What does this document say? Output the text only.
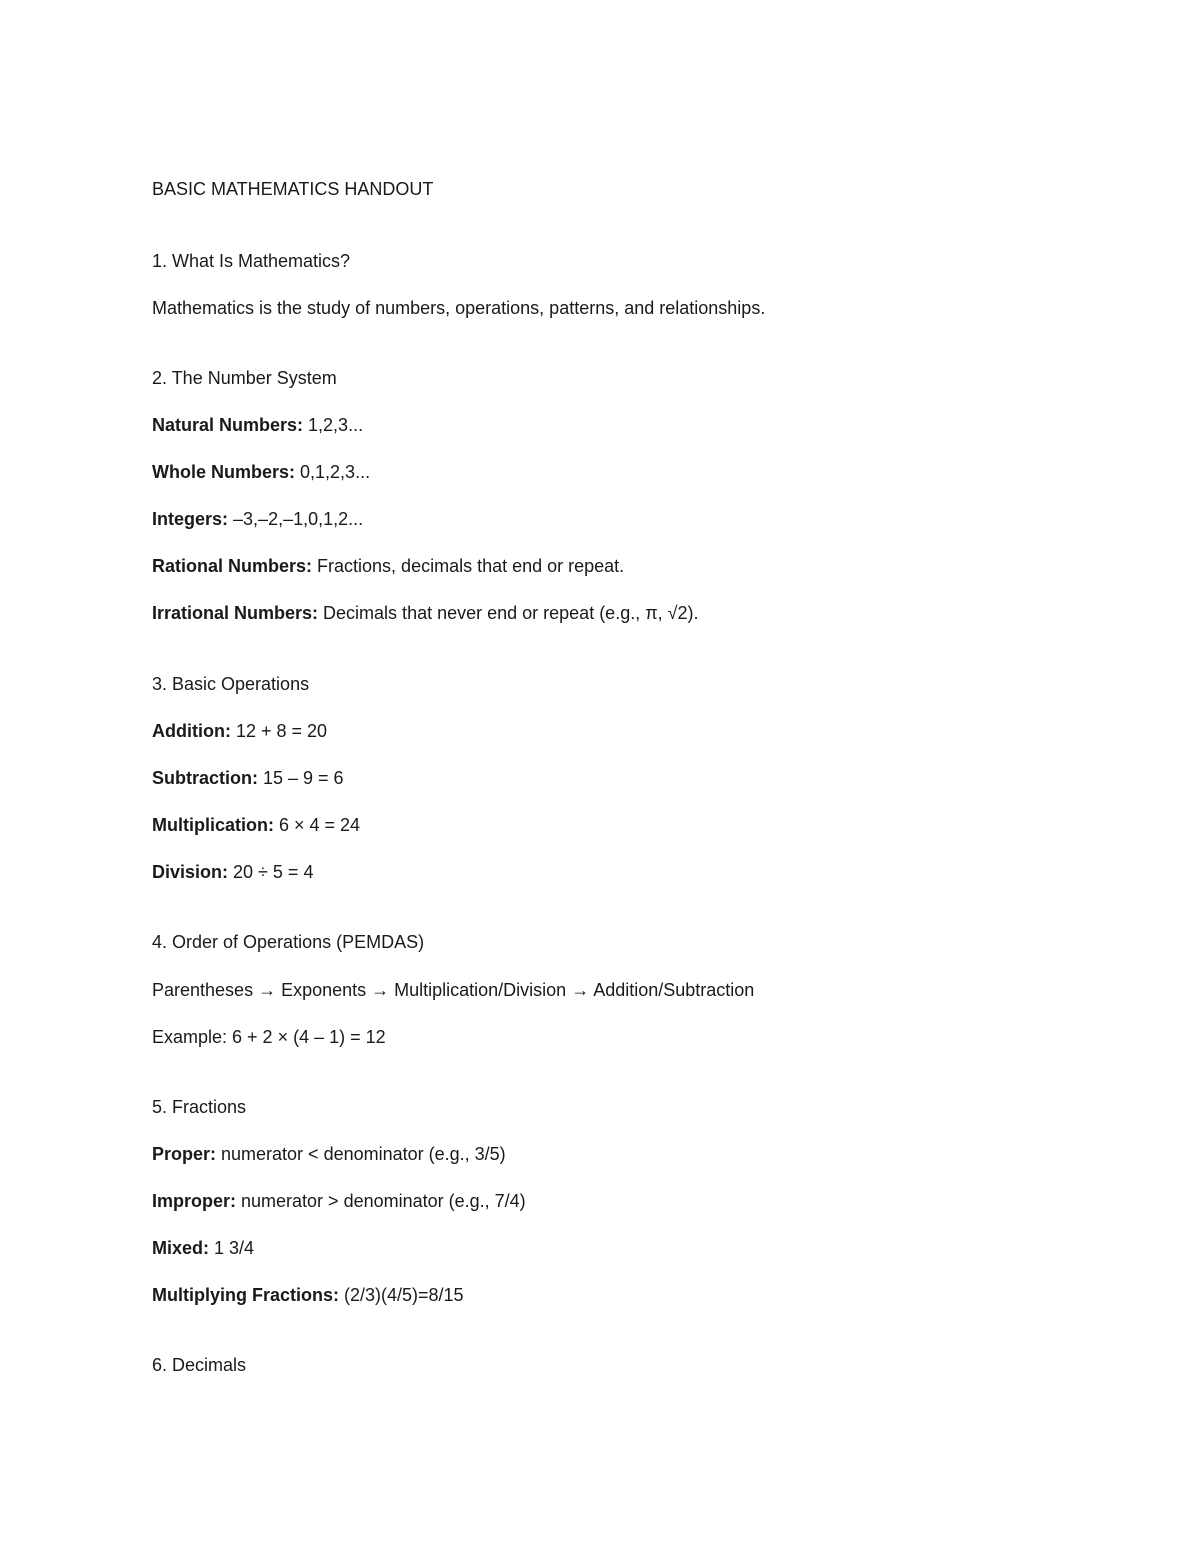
BASIC MATHEMATICS HANDOUT
1. What Is Mathematics?
Mathematics is the study of numbers, operations, patterns, and relationships.
2. The Number System
Natural Numbers: 1,2,3...
Whole Numbers: 0,1,2,3...
Integers: –3,–2,–1,0,1,2...
Rational Numbers: Fractions, decimals that end or repeat.
Irrational Numbers: Decimals that never end or repeat (e.g., π, √2).
3. Basic Operations
Addition: 12 + 8 = 20
Subtraction: 15 – 9 = 6
Multiplication: 6 × 4 = 24
Division: 20 ÷ 5 = 4
4. Order of Operations (PEMDAS)
Parentheses → Exponents → Multiplication/Division → Addition/Subtraction
Example: 6 + 2 × (4 – 1) = 12
5. Fractions
Proper: numerator < denominator (e.g., 3/5)
Improper: numerator > denominator (e.g., 7/4)
Mixed: 1 3/4
Multiplying Fractions: (2/3)(4/5)=8/15
6. Decimals
